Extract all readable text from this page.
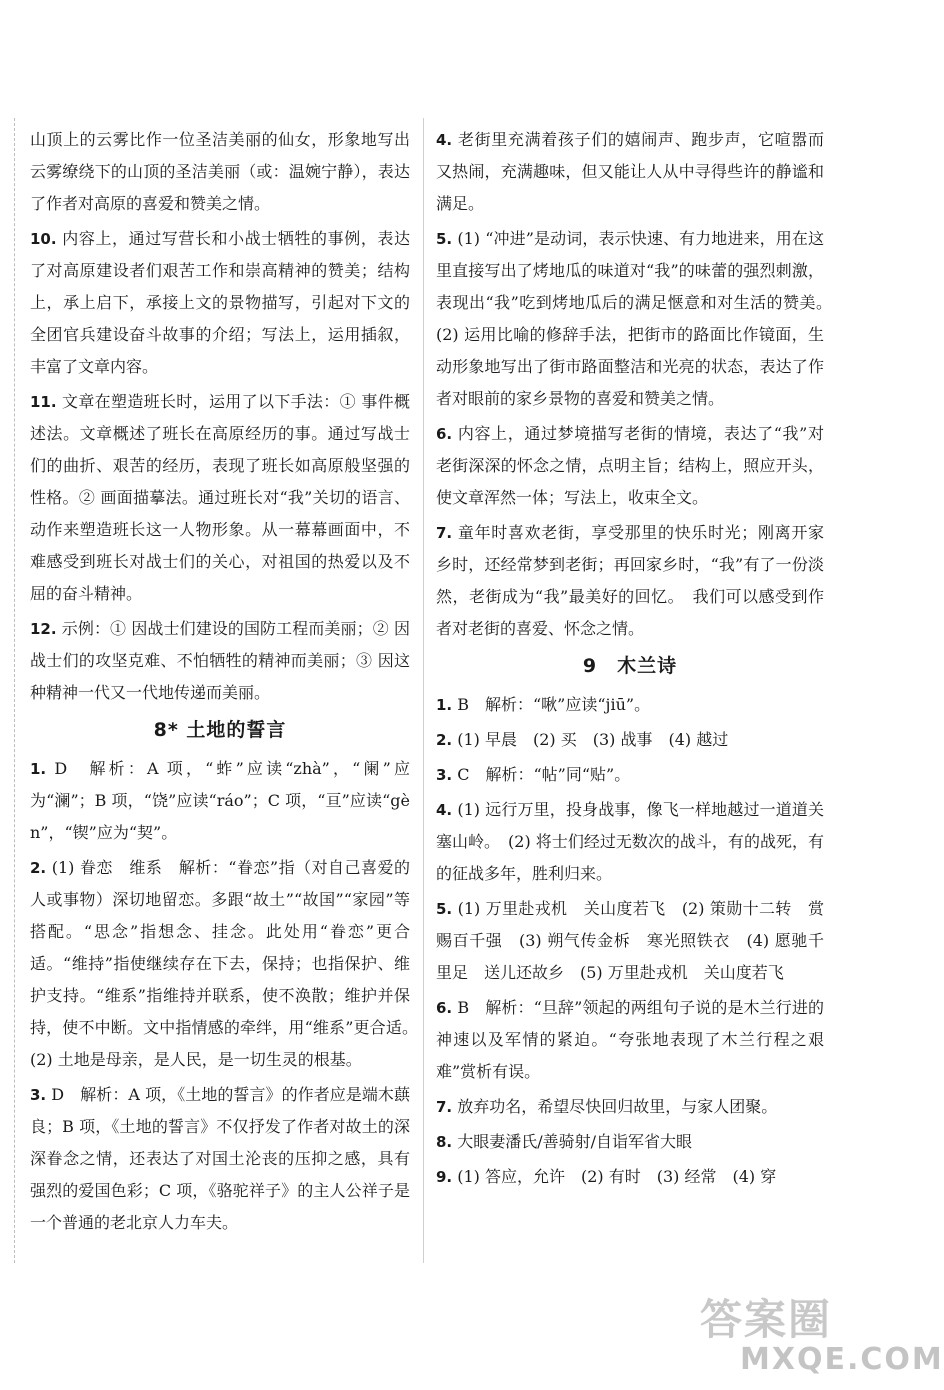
山顶上的云雾比作一位圣洁美丽的仙女，形象地写出云雾缭绕下的山顶的圣洁美丽（或：温婉宁静），表达了作者对高原的喜爱和赞美之情。

10. 内容上，通过写营长和小战士牺牲的事例，表达了对高原建设者们艰苦工作和崇高精神的赞美；结构上，承上启下，承接上文的景物描写，引起对下文的全团官兵建设奋斗故事的介绍；写法上，运用插叙，丰富了文章内容。

11. 文章在塑造班长时，运用了以下手法：① 事件概述法。文章概述了班长在高原经历的事。通过写战士们的曲折、艰苦的经历，表现了班长如高原般坚强的性格。② 画面描摹法。通过班长对“我”关切的语言、动作来塑造班长这一人物形象。从一幕幕画面中，不难感受到班长对战士们的关心，对祖国的热爱以及不屈的奋斗精神。

12. 示例：① 因战士们建设的国防工程而美丽；② 因战士们的攻坚克难、不怕牺牲的精神而美丽；③ 因这种精神一代又一代地传递而美丽。

8* 土地的誓言

1. D　解析：A 项，“蚱”应读“zhà”，“阑”应为“澜”；B 项，“饶”应读“ráo”；C 项，“亘”应读“gèn”，“锲”应为“契”。

2. (1) 眷恋　维系　解析：“眷恋”指（对自己喜爱的人或事物）深切地留恋。多跟“故土”“故国”“家园”等搭配。“思念”指想念、挂念。此处用“眷恋”更合适。“维持”指使继续存在下去，保持；也指保护、维护支持。“维系”指维持并联系，使不涣散；维护并保持，使不中断。文中指情感的牵绊，用“维系”更合适。　(2) 土地是母亲，是人民，是一切生灵的根基。

3. D　解析：A 项，《土地的誓言》的作者应是端木蕻良；B 项，《土地的誓言》不仅抒发了作者对故土的深深眷念之情，还表达了对国土沦丧的压抑之感，具有强烈的爱国色彩；C 项，《骆驼祥子》的主人公祥子是一个普通的老北京人力车夫。

4. 老街里充满着孩子们的嬉闹声、跑步声，它喧嚣而又热闹，充满趣味，但又能让人从中寻得些许的静谧和满足。

5. (1) “冲进”是动词，表示快速、有力地进来，用在这里直接写出了烤地瓜的味道对“我”的味蕾的强烈刺激，表现出“我”吃到烤地瓜后的满足惬意和对生活的赞美。　(2) 运用比喻的修辞手法，把街市的路面比作镜面，生动形象地写出了街市路面整洁和光亮的状态，表达了作者对眼前的家乡景物的喜爱和赞美之情。

6. 内容上，通过梦境描写老街的情境，表达了“我”对老街深深的怀念之情，点明主旨；结构上，照应开头，使文章浑然一体；写法上，收束全文。

7. 童年时喜欢老街，享受那里的快乐时光；刚离开家乡时，还经常梦到老街；再回家乡时，“我”有了一份淡然，老街成为“我”最美好的回忆。　我们可以感受到作者对老街的喜爱、怀念之情。

9　木兰诗

1. B　解析：“啾”应读“jiū”。

2. (1) 早晨　(2) 买　(3) 战事　(4) 越过

3. C　解析：“帖”同“贴”。

4. (1) 远行万里，投身战事，像飞一样地越过一道道关塞山岭。　(2) 将士们经过无数次的战斗，有的战死，有的征战多年，胜利归来。

5. (1) 万里赴戎机　关山度若飞　(2) 策勋十二转　赏赐百千强　(3) 朔气传金柝　寒光照铁衣　(4) 愿驰千里足　送儿还故乡　(5) 万里赴戎机　关山度若飞

6. B　解析：“旦辞”领起的两组句子说的是木兰行进的神速以及军情的紧迫。“夸张地表现了木兰行程之艰难”赏析有误。

7. 放弃功名，希望尽快回归故里，与家人团聚。

8. 大眼妻潘氏/善骑射/自诣军省大眼

9. (1) 答应，允许　(2) 有时　(3) 经常　(4) 穿

答案圈
MXQE.COM
